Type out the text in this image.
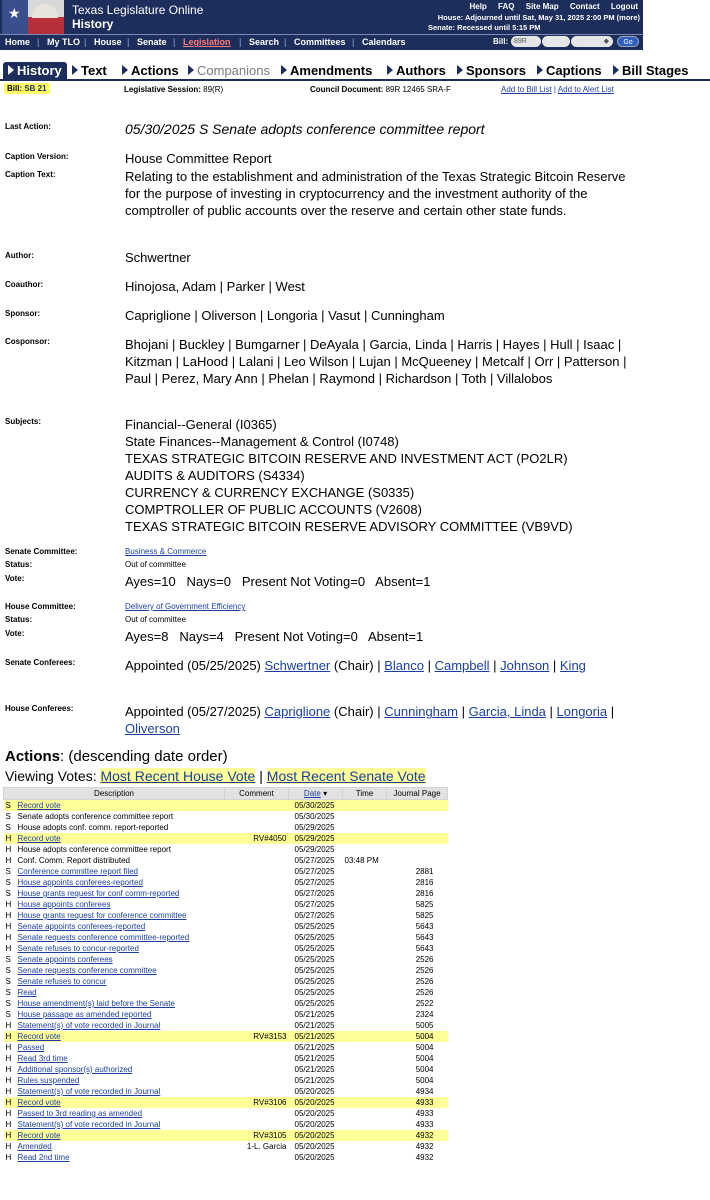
★	Texas Legislature Online
History
Help FAQ Site Map Contact Logout
House: Adjourned until Sat, May 31, 2025 2:00 PM (more)
Senate: Recessed until 5:15 PM
Home | My TLO | House | Senate | Legislation | Search | Committees | Calendars	Bill: 89R	◆	Go
History	Text	Actions	Companions	Amendments	Authors	Sponsors	Captions	Bill Stages
Bill: SB 21	Legislative Session: 89(R)	Council Document: 89R 12465 SRA-F	Add to Bill List | Add to Alert List
Last Action:	05/30/2025 S Senate adopts conference committee report
Caption Version:	House Committee Report
Caption Text:	Relating to the establishment and administration of the Texas Strategic Bitcoin Reserve for the purpose of investing in cryptocurrency and the investment authority of the comptroller of public accounts over the reserve and certain other state funds.
Author:	Schwertner
Coauthor:	Hinojosa, Adam | Parker | West
Sponsor:	Capriglione | Oliverson | Longoria | Vasut | Cunningham
Cosponsor:	Bhojani | Buckley | Bumgarner | DeAyala | Garcia, Linda | Harris | Hayes | Hull | Isaac | Kitzman | LaHood | Lalani | Leo Wilson | Lujan | McQueeney | Metcalf | Orr | Patterson | Paul | Perez, Mary Ann | Phelan | Raymond | Richardson | Toth | Villalobos
Subjects:	Financial--General (I0365)
State Finances--Management & Control (I0748)
TEXAS STRATEGIC BITCOIN RESERVE AND INVESTMENT ACT (PO2LR)
AUDITS & AUDITORS (S4334)
CURRENCY & CURRENCY EXCHANGE (S0335)
COMPTROLLER OF PUBLIC ACCOUNTS (V2608)
TEXAS STRATEGIC BITCOIN RESERVE ADVISORY COMMITTEE (VB9VD)
Senate Committee:	Business & Commerce
Status:	Out of committee
Vote:	Ayes=10   Nays=0   Present Not Voting=0   Absent=1
House Committee:	Delivery of Government Efficiency
Status:	Out of committee
Vote:	Ayes=8   Nays=4   Present Not Voting=0   Absent=1
Senate Conferees:	Appointed (05/25/2025) Schwertner (Chair) | Blanco | Campbell | Johnson | King
House Conferees:	Appointed (05/27/2025) Capriglione (Chair) | Cunningham | Garcia, Linda | Longoria | Oliverson
Actions: (descending date order)
Viewing Votes: Most Recent House Vote | Most Recent Senate Vote
Description		Comment	Date ▾	Time	Journal Page
S	Record vote		05/30/2025		
S	Senate adopts conference committee report		05/30/2025		
S	House adopts conf. comm. report-reported		05/29/2025		
H	Record vote	RV#4050	05/29/2025		
H	House adopts conference committee report		05/29/2025		
H	Conf. Comm. Report distributed		05/27/2025	03:48 PM	
S	Conference committee report filed		05/27/2025		2881
S	House appoints conferees-reported		05/27/2025		2816
S	House grants request for conf comm-reported		05/27/2025		2816
H	House appoints conferees		05/27/2025		5825
H	House grants request for conference committee		05/27/2025		5825
H	Senate appoints conferees-reported		05/25/2025		5643
H	Senate requests conference committee-reported		05/25/2025		5643
H	Senate refuses to concur-reported		05/25/2025		5643
S	Senate appoints conferees		05/25/2025		2526
S	Senate requests conference committee		05/25/2025		2526
S	Senate refuses to concur		05/25/2025		2526
S	Read		05/25/2025		2526
S	House amendment(s) laid before the Senate		05/25/2025		2522
S	House passage as amended reported		05/21/2025		2324
H	Statement(s) of vote recorded in Journal		05/21/2025		5005
H	Record vote	RV#3153	05/21/2025		5004
H	Passed		05/21/2025		5004
H	Read 3rd time		05/21/2025		5004
H	Additional sponsor(s) authorized		05/21/2025		5004
H	Rules suspended		05/21/2025		5004
H	Statement(s) of vote recorded in Journal		05/20/2025		4934
H	Record vote	RV#3106	05/20/2025		4933
H	Passed to 3rd reading as amended		05/20/2025		4933
H	Statement(s) of vote recorded in Journal		05/20/2025		4933
H	Record vote	RV#3105	05/20/2025		4932
H	Amended	1-L. Garcia	05/20/2025		4932
H	Read 2nd time		05/20/2025		4932
